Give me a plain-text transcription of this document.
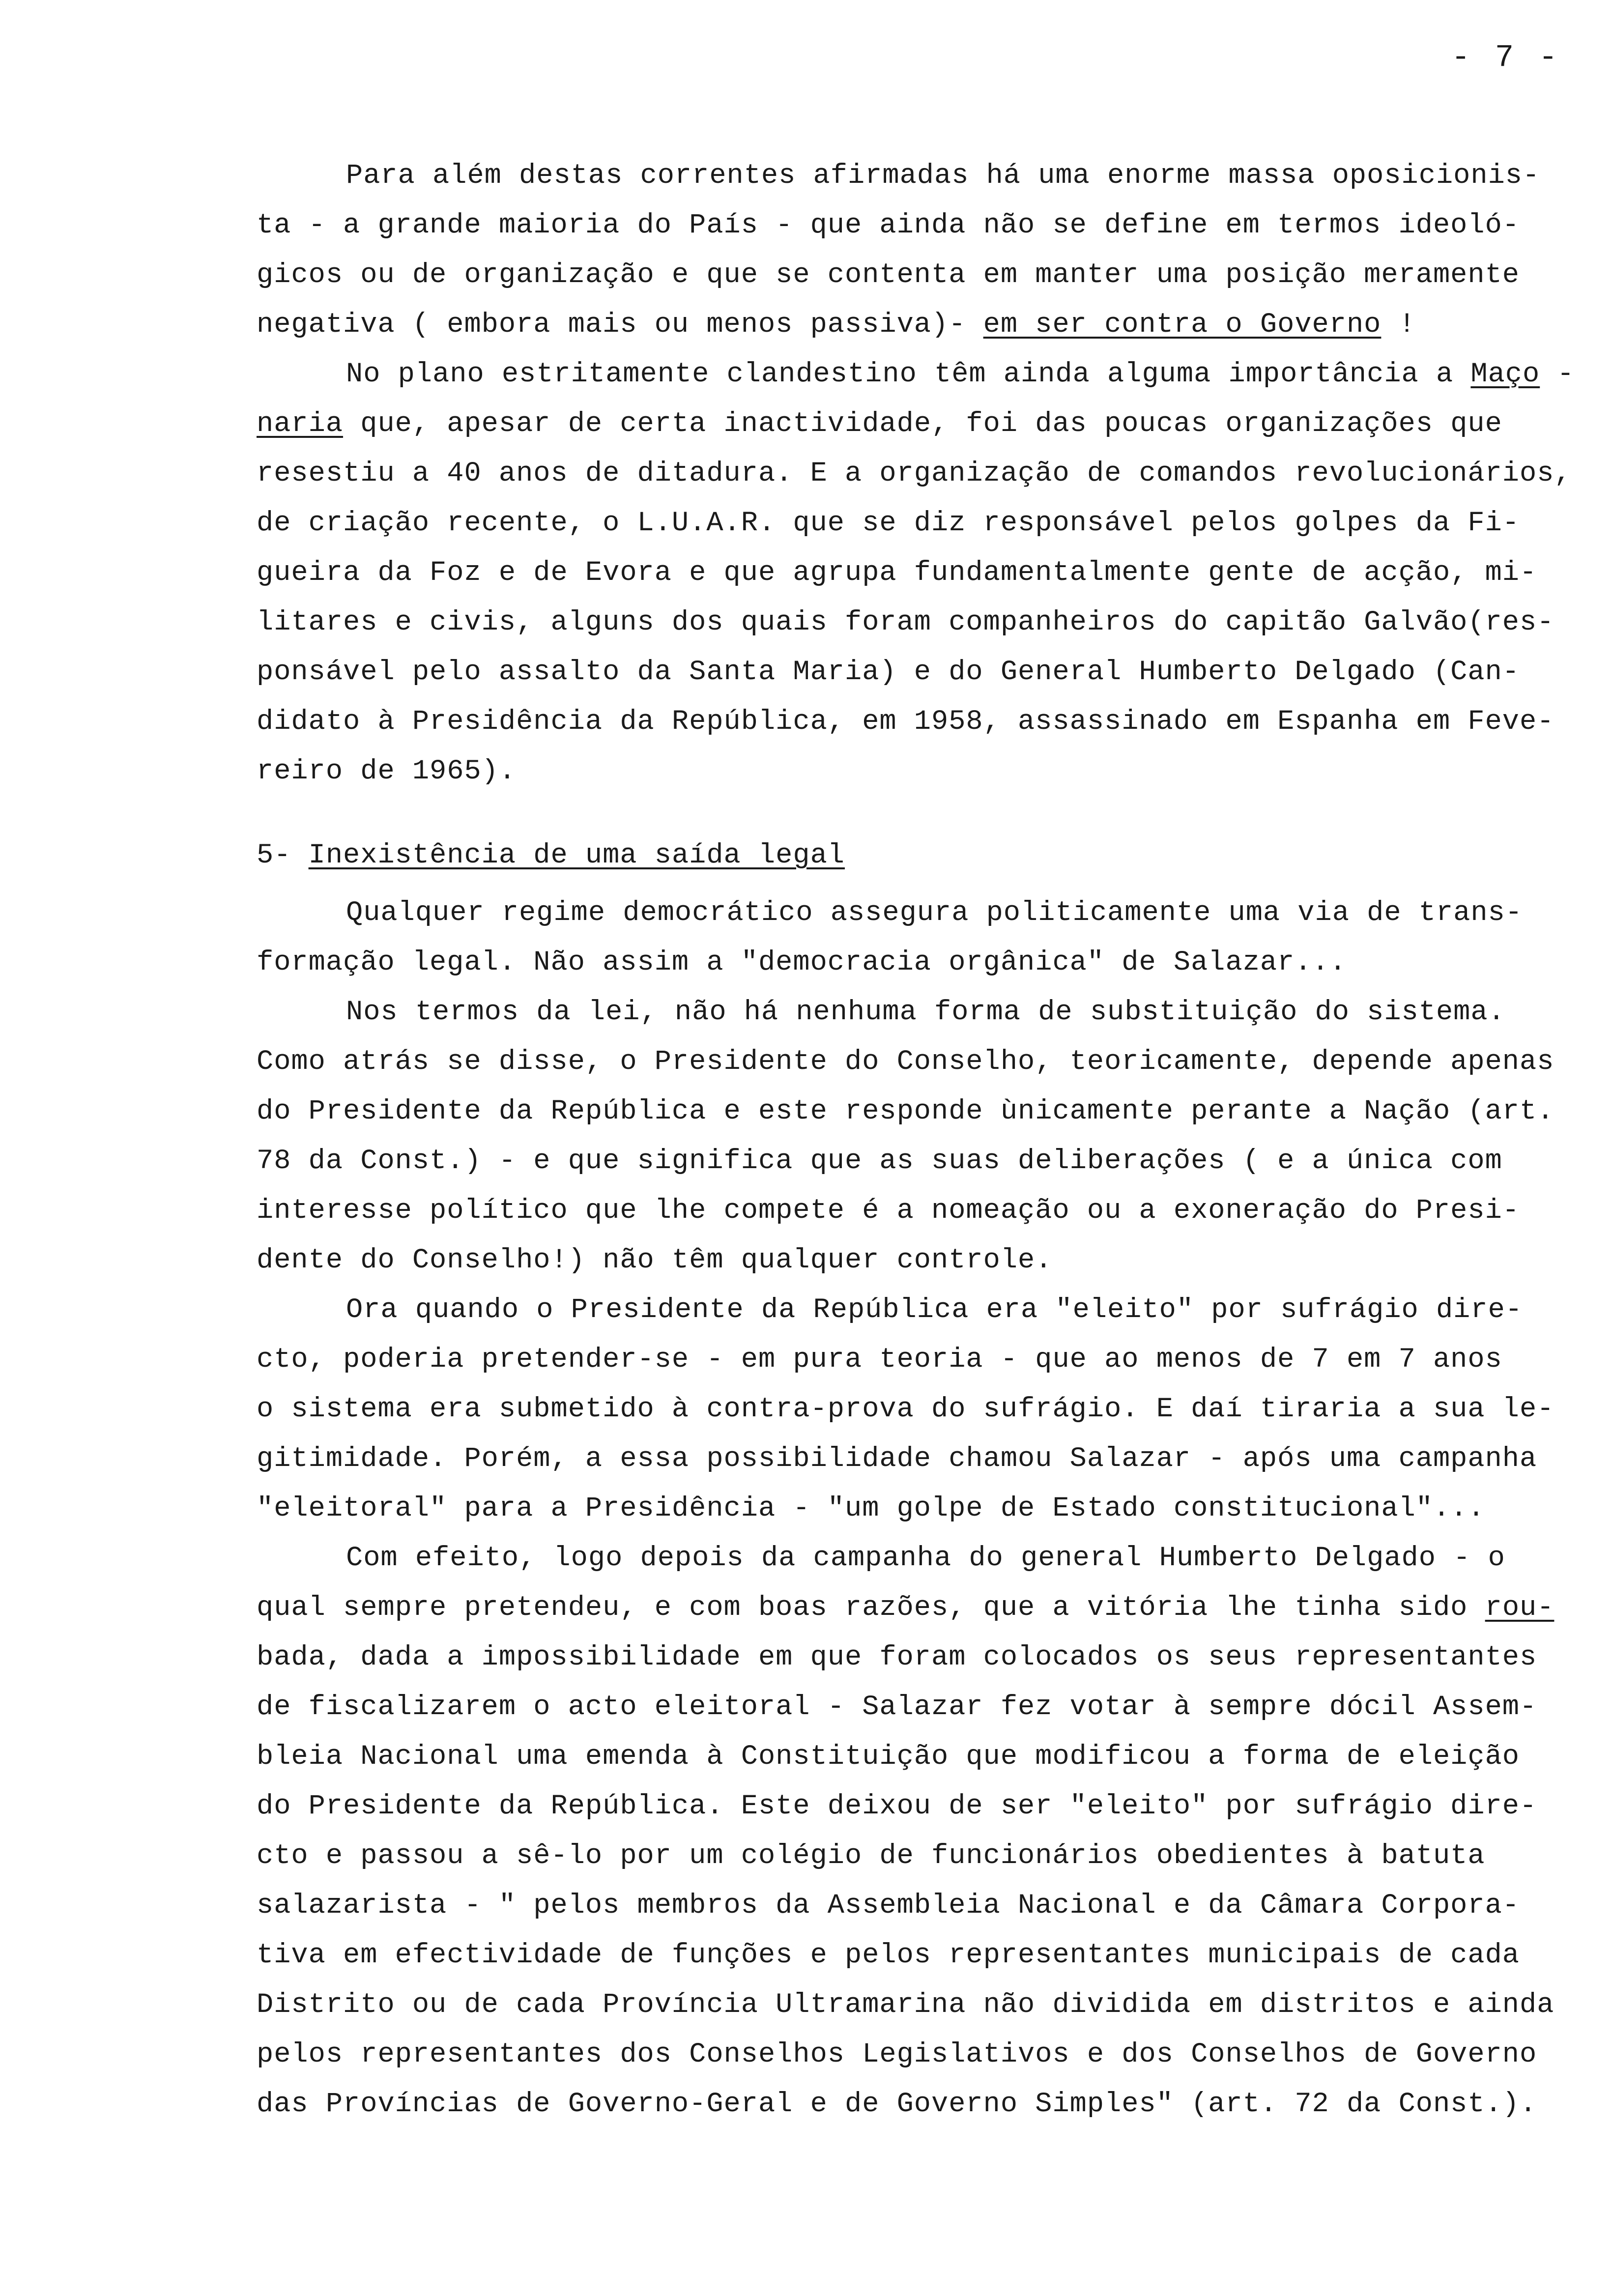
- 7 -
Para além destas correntes afirmadas há uma enorme massa oposicionis-
ta - a grande maioria do País - que ainda não se define em termos ideoló-
gicos ou de organização e que se contenta em manter uma posição meramente
negativa ( embora mais ou menos passiva)- em ser contra o Governo !
No plano estritamente clandestino têm ainda alguma importância a Maço -
naria que, apesar de certa inactividade, foi das poucas organizações que
resestiu a 40 anos de ditadura. E a organização de comandos revolucionários,
de criação recente, o L.U.A.R. que se diz responsável pelos golpes da Fi-
gueira da Foz e de Evora e que agrupa fundamentalmente gente de acção, mi-
litares e civis, alguns dos quais foram companheiros do capitão Galvão(res-
ponsável pelo assalto da Santa Maria) e do General Humberto Delgado (Can-
didato à Presidência da República, em 1958, assassinado em Espanha em Feve-
reiro de 1965).
5- Inexistência de uma saída legal
Qualquer regime democrático assegura politicamente uma via de trans-
formação legal. Não assim a "democracia orgânica" de Salazar...
Nos termos da lei, não há nenhuma forma de substituição do sistema.
Como atrás se disse, o Presidente do Conselho, teoricamente, depende apenas
do Presidente da República e este responde ùnicamente perante a Nação (art.
78 da Const.) - e que significa que as suas deliberações ( e a única com
interesse político que lhe compete é a nomeação ou a exoneração do Presi-
dente do Conselho!) não têm qualquer controle.
Ora quando o Presidente da República era "eleito" por sufrágio dire-
cto, poderia pretender-se - em pura teoria - que ao menos de 7 em 7 anos
o sistema era submetido à contra-prova do sufrágio. E daí tiraria a sua le-
gitimidade. Porém, a essa possibilidade chamou Salazar - após uma campanha
"eleitoral" para a Presidência - "um golpe de Estado constitucional"...
Com efeito, logo depois da campanha do general Humberto Delgado - o
qual sempre pretendeu, e com boas razões, que a vitória lhe tinha sido rou-
bada, dada a impossibilidade em que foram colocados os seus representantes
de fiscalizarem o acto eleitoral - Salazar fez votar à sempre dócil Assem-
bleia Nacional uma emenda à Constituição que modificou a forma de eleição
do Presidente da República. Este deixou de ser "eleito" por sufrágio dire-
cto e passou a sê-lo por um colégio de funcionários obedientes à batuta
salazarista - " pelos membros da Assembleia Nacional e da Câmara Corpora-
tiva em efectividade de funções e pelos representantes municipais de cada
Distrito ou de cada Província Ultramarina não dividida em distritos e ainda
pelos representantes dos Conselhos Legislativos e dos Conselhos de Governo
das Províncias de Governo-Geral e de Governo Simples" (art. 72 da Const.).
